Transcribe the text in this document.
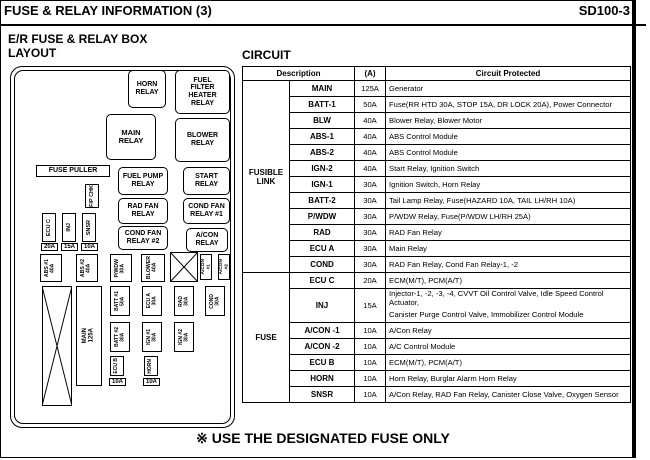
FUSE & RELAY INFORMATION (3)	SD100-3
E/R FUSE & RELAY BOX
LAYOUT	CIRCUIT
HORN
RELAY
FUEL
FILTER
HEATER
RELAY
MAIN
RELAY
BLOWER
RELAY
FUSE PULLER
FUEL PUMP
RELAY
START
RELAY
F/P CHK	RAD FAN
RELAY
COND FAN
RELAY #1
ECU C	INJ	SNSR
20A	15A	10A
COND FAN
RELAY #2
A/CON
RELAY
ABS #1
40A	ABS #2
40A	P/WDW
30A	BLOWER
40A	A/CON
#1 A/CON
#2
MAIN
125A
BATT #1
50A	ECU A
30A	RAD
30A	COND
30A
BATT #2
30A	IGN #1
30A	IGN #2
30A
ECU B	HORN
10A	10A
Description		(A)	Circuit Protected
FUSIBLE
LINK	MAIN	125A	Generator
	BATT-1	50A	Fuse(RR HTD 30A, STOP 15A, DR LOCK 20A), Power Connector
	BLW	40A	Blower Relay, Blower Motor
	ABS-1	40A	ABS Control Module
	ABS-2	40A	ABS Control Module
	IGN-2	40A	Start Relay, Ignition Switch
	IGN-1	30A	Ignition Switch, Horn Relay
	BATT-2	30A	Tail Lamp Relay, Fuse(HAZARD 10A, TAIL LH/RH 10A)
	P/WDW	30A	P/WDW Relay, Fuse(P/WDW LH/RH 25A)
	RAD	30A	RAD Fan Relay
	ECU A	30A	Main Relay
	COND	30A	RAD Fan Relay, Cond Fan Relay-1, -2
FUSE	ECU C	20A	ECM(M/T), PCM(A/T)
	INJ	15A	Injector-1, -2, -3, -4, CVVT Oil Control Valve, Idle Speed Control Actuator,
			Canister Purge Control Valve, Immobilizer Control Module
	A/CON -1	10A	A/Con Relay
	A/CON -2	10A	A/C Control Module
	ECU B	10A	ECM(M/T), PCM(A/T)
	HORN	10A	Horn Relay, Burglar Alarm Horn Relay
	SNSR	10A	A/Con Relay, RAD Fan Relay, Canister Close Valve, Oxygen Sensor
※ USE THE DESIGNATED FUSE ONLY
